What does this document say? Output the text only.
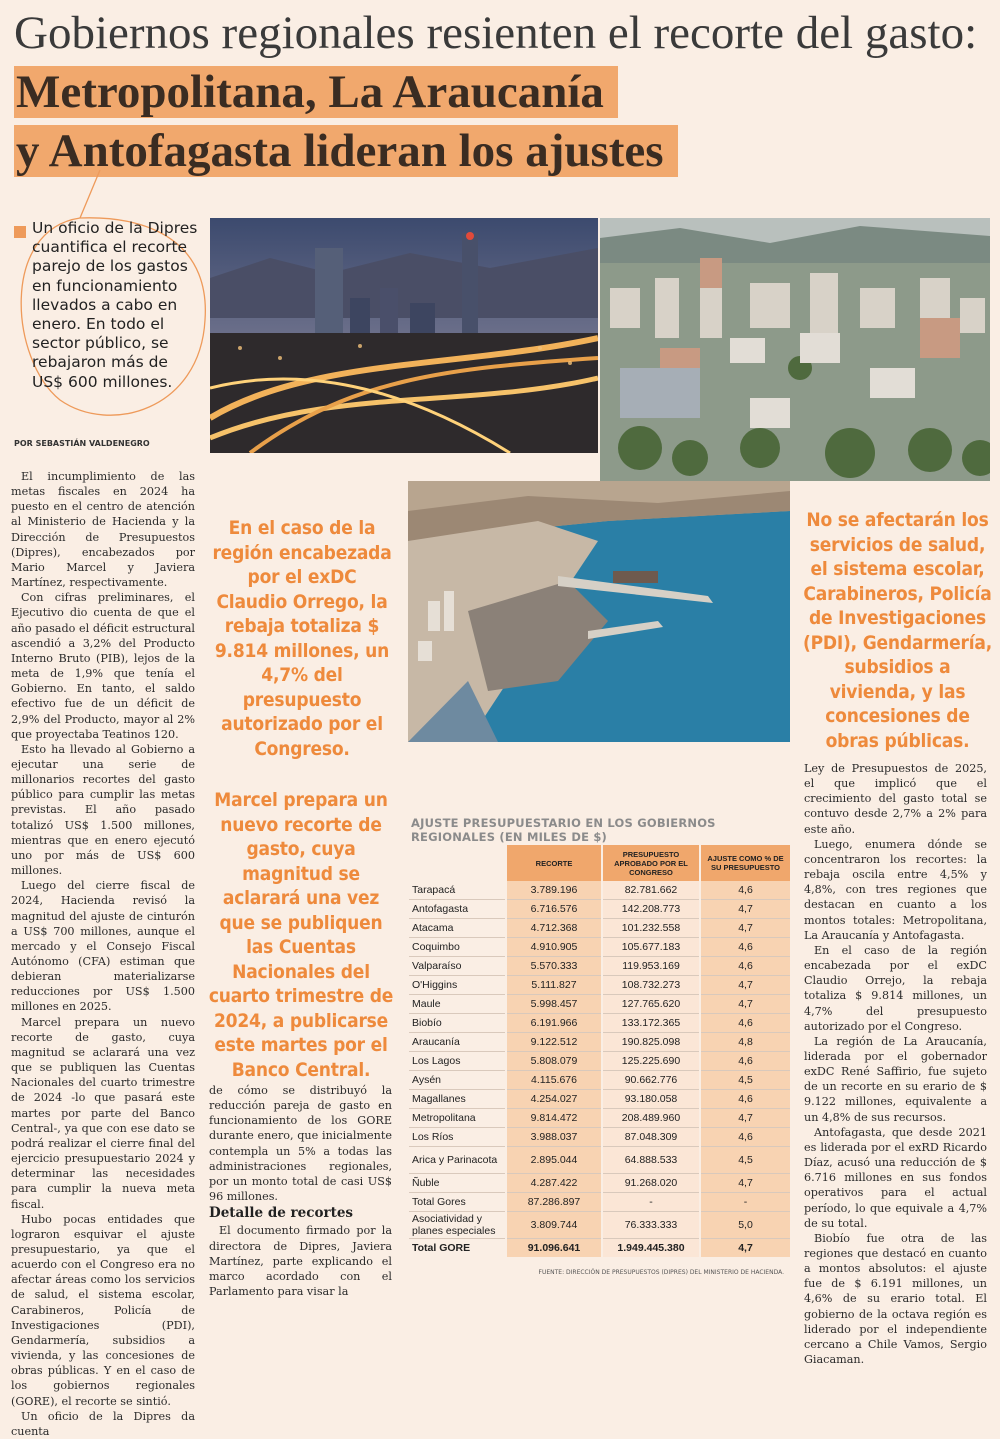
Gobiernos regionales resienten el recorte del gasto: Metropolitana, La Araucanía
y Antofagasta lideran los ajustes
Un oficio de la Dipres cuantifica el recorte parejo de los gastos en funcionamiento llevados a cabo en enero. En todo el sector público, se rebajaron más de US$ 600 millones.
POR SEBASTIÁN VALDENEGRO
En el caso de la región encabezada por el exDC Claudio Orrego, la rebaja totaliza $ 9.814 millones, un 4,7% del presupuesto autorizado por el Congreso.
No se afectarán los servicios de salud, el sistema escolar, Carabineros, Policía de Investigaciones (PDI), Gendarmería, subsidios a vivienda, y las concesiones de obras públicas.
Marcel prepara un nuevo recorte de gasto, cuya magnitud se aclarará una vez que se publiquen las Cuentas Nacionales del cuarto trimestre de 2024, a publicarse este martes por el Banco Central.

El incumplimiento de las metas fiscales en 2024 ha puesto en el centro de atención al Ministerio de Hacienda y la Dirección de Presupuestos (Dipres), encabezados por Mario Marcel y Javiera Martínez, respectivamente.

Con cifras preliminares, el Ejecutivo dio cuenta de que el año pasado el déficit estructural ascendió a 3,2% del Producto Interno Bruto (PIB), lejos de la meta de 1,9% que tenía el Gobierno. En tanto, el saldo efectivo fue de un déficit de 2,9% del Producto, mayor al 2% que proyectaba Teatinos 120.

Esto ha llevado al Gobierno a ejecutar una serie de millonarios recortes del gasto público para cumplir las metas previstas. El año pasado totalizó US$ 1.500 millones, mientras que en enero ejecutó uno por más de US$ 600 millones.

Luego del cierre fiscal de 2024, Hacienda revisó la magnitud del ajuste de cinturón a US$ 700 millones, aunque el mercado y el Consejo Fiscal Autónomo (CFA) estiman que debieran materializarse reducciones por US$ 1.500 millones en 2025.

Marcel prepara un nuevo recorte de gasto, cuya magnitud se aclarará una vez que se publiquen las Cuentas Nacionales del cuarto trimestre de 2024 -lo que pasará este martes por parte del Banco Central-, ya que con ese dato se podrá realizar el cierre final del ejercicio presupuestario 2024 y determinar las necesidades para cumplir la nueva meta fiscal.

Hubo pocas entidades que lograron esquivar el ajuste presupuestario, ya que el acuerdo con el Congreso era no afectar áreas como los servicios de salud, el sistema escolar, Carabineros, Policía de Investigaciones (PDI), Gendarmería, subsidios a vivienda, y las concesiones de obras públicas. Y en el caso de los gobiernos regionales (GORE), el recorte se sintió.

Un oficio de la Dipres da cuenta

de cómo se distribuyó la reducción pareja de gasto en funcionamiento de los GORE durante enero, que inicialmente contempla un 5% a todas las administraciones regionales, por un monto total de casi US$ 96 millones.

Detalle de recortes

El documento firmado por la directora de Dipres, Javiera Martínez, parte explicando el marco acordado con el Parlamento para visar la

Ley de Presupuestos de 2025, el que implicó que el crecimiento del gasto total se contuvo desde 2,7% a 2% para este año.

Luego, enumera dónde se concentraron los recortes: la rebaja oscila entre 4,5% y 4,8%, con tres regiones que destacan en cuanto a los montos totales: Metropolitana, La Araucanía y Antofagasta.

En el caso de la región encabezada por el exDC Claudio Orrejo, la rebaja totaliza $ 9.814 millones, un 4,7% del presupuesto autorizado por el Congreso.

La región de La Araucanía, liderada por el gobernador exDC René Saffirio, fue sujeto de un recorte en su erario de $ 9.122 millones, equivalente a un 4,8% de sus recursos.

Antofagasta, que desde 2021 es liderada por el exRD Ricardo Díaz, acusó una reducción de $ 6.716 millones en sus fondos operativos para el actual período, lo que equivale a 4,7% de su total.

Biobío fue otra de las regiones que destacó en cuanto a montos absolutos: el ajuste fue de $ 6.191 millones, un 4,6% de su erario total. El gobierno de la octava región es liderado por el independiente cercano a Chile Vamos, Sergio Giacaman.

AJUSTE PRESUPUESTARIO EN LOS GOBIERNOS REGIONALES (EN MILES DE $)
	RECORTE	PRESUPUESTO APROBADO POR EL CONGRESO	AJUSTE COMO % DE SU PRESUPUESTO
Tarapacá	3.789.196	82.781.662	4,6
Antofagasta	6.716.576	142.208.773	4,7
Atacama	4.712.368	101.232.558	4,7
Coquimbo	4.910.905	105.677.183	4,6
Valparaíso	5.570.333	119.953.169	4,6
O'Higgins	5.111.827	108.732.273	4,7
Maule	5.998.457	127.765.620	4,7
Biobío	6.191.966	133.172.365	4,6
Araucanía	9.122.512	190.825.098	4,8
Los Lagos	5.808.079	125.225.690	4,6
Aysén	4.115.676	90.662.776	4,5
Magallanes	4.254.027	93.180.058	4,6
Metropolitana	9.814.472	208.489.960	4,7
Los Ríos	3.988.037	87.048.309	4,6
Arica y Parinacota	2.895.044	64.888.533	4,5
Ñuble	4.287.422	91.268.020	4,7
Total Gores	87.286.897	-	-
Asociatividad y planes especiales	3.809.744	76.333.333	5,0
Total GORE	91.096.641	1.949.445.380	4,7
FUENTE: DIRECCIÓN DE PRESUPUESTOS (DIPRES) DEL MINISTERIO DE HACIENDA.
